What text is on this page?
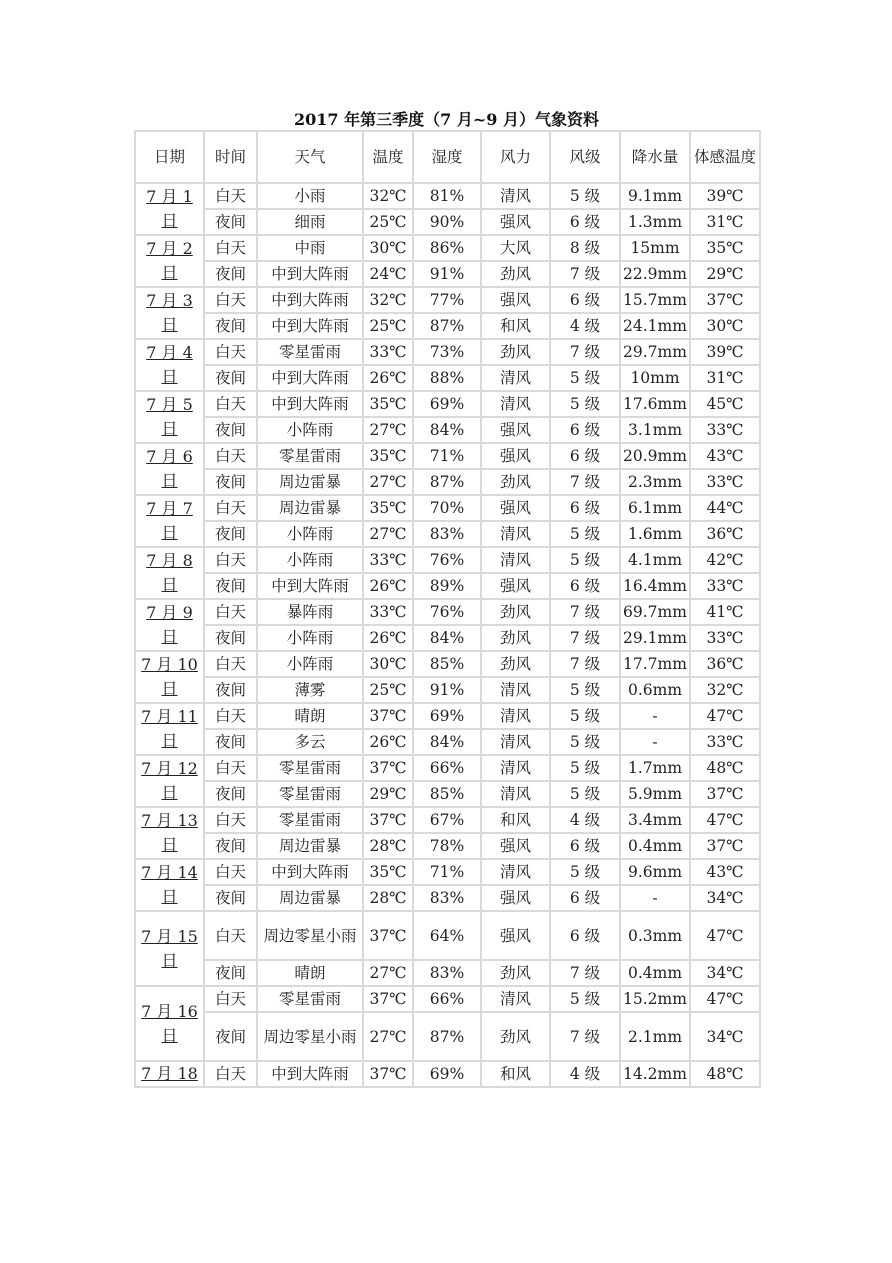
2017 年第三季度（7 月~9 月）气象资料
日期	时间	天气	温度	湿度	风力	风级	降水量	体感温度
7 月 1 日	白天	小雨	32℃	81%	清风	5 级	9.1mm	39℃
	夜间	细雨	25℃	90%	强风	6 级	1.3mm	31℃
7 月 2 日	白天	中雨	30℃	86%	大风	8 级	15mm	35℃
	夜间	中到大阵雨	24℃	91%	劲风	7 级	22.9mm	29℃
7 月 3 日	白天	中到大阵雨	32℃	77%	强风	6 级	15.7mm	37℃
	夜间	中到大阵雨	25℃	87%	和风	4 级	24.1mm	30℃
7 月 4 日	白天	零星雷雨	33℃	73%	劲风	7 级	29.7mm	39℃
	夜间	中到大阵雨	26℃	88%	清风	5 级	10mm	31℃
7 月 5 日	白天	中到大阵雨	35℃	69%	清风	5 级	17.6mm	45℃
	夜间	小阵雨	27℃	84%	强风	6 级	3.1mm	33℃
7 月 6 日	白天	零星雷雨	35℃	71%	强风	6 级	20.9mm	43℃
	夜间	周边雷暴	27℃	87%	劲风	7 级	2.3mm	33℃
7 月 7 日	白天	周边雷暴	35℃	70%	强风	6 级	6.1mm	44℃
	夜间	小阵雨	27℃	83%	清风	5 级	1.6mm	36℃
7 月 8 日	白天	小阵雨	33℃	76%	清风	5 级	4.1mm	42℃
	夜间	中到大阵雨	26℃	89%	强风	6 级	16.4mm	33℃
7 月 9 日	白天	暴阵雨	33℃	76%	劲风	7 级	69.7mm	41℃
	夜间	小阵雨	26℃	84%	劲风	7 级	29.1mm	33℃
7 月 10 日	白天	小阵雨	30℃	85%	劲风	7 级	17.7mm	36℃
	夜间	薄雾	25℃	91%	清风	5 级	0.6mm	32℃
7 月 11 日	白天	晴朗	37℃	69%	清风	5 级	-	47℃
	夜间	多云	26℃	84%	清风	5 级	-	33℃
7 月 12 日	白天	零星雷雨	37℃	66%	清风	5 级	1.7mm	48℃
	夜间	零星雷雨	29℃	85%	清风	5 级	5.9mm	37℃
7 月 13 日	白天	零星雷雨	37℃	67%	和风	4 级	3.4mm	47℃
	夜间	周边雷暴	28℃	78%	强风	6 级	0.4mm	37℃
7 月 14 日	白天	中到大阵雨	35℃	71%	清风	5 级	9.6mm	43℃
	夜间	周边雷暴	28℃	83%	强风	6 级	-	34℃
7 月 15 日	白天	周边零星小雨	37℃	64%	强风	6 级	0.3mm	47℃
	夜间	晴朗	27℃	83%	劲风	7 级	0.4mm	34℃
7 月 16 日	白天	零星雷雨	37℃	66%	清风	5 级	15.2mm	47℃
	夜间	周边零星小雨	27℃	87%	劲风	7 级	2.1mm	34℃
7 月 18	白天	中到大阵雨	37℃	69%	和风	4 级	14.2mm	48℃
